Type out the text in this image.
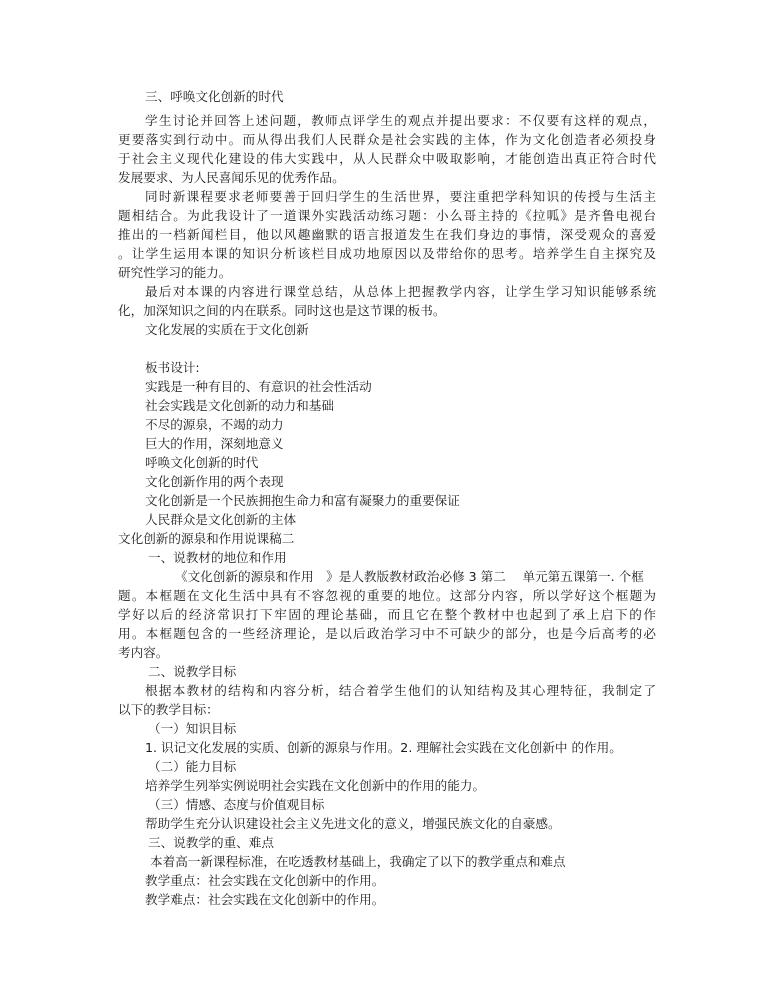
三、呼唤文化创新的时代
学生讨论并回答上述问题，教师点评学生的观点并提出要求：不仅要有这样的观点，
更要落实到行动中。而从得出我们人民群众是社会实践的主体，作为文化创造者必须投身
于社会主义现代化建设的伟大实践中，从人民群众中吸取影响，才能创造出真正符合时代
发展要求、为人民喜闻乐见的优秀作品。
同时新课程要求老师要善于回归学生的生活世界，要注重把学科知识的传授与生活主
题相结合。为此我设计了一道课外实践活动练习题：小么哥主持的《拉呱》是齐鲁电视台
推出的一档新闻栏目，他以风趣幽默的语言报道发生在我们身边的事情，深受观众的喜爱
。让学生运用本课的知识分析该栏目成功地原因以及带给你的思考。培养学生自主探究及
研究性学习的能力。
最后对本课的内容进行课堂总结，从总体上把握教学内容，让学生学习知识能够系统
化，加深知识之间的内在联系。同时这也是这节课的板书。
文化发展的实质在于文化创新
板书设计:
实践是一种有目的、有意识的社会性活动
社会实践是文化创新的动力和基础
不尽的源泉，不竭的动力
巨大的作用，深刻地意义
呼唤文化创新的时代
文化创新作用的两个表现
文化创新是一个民族拥抱生命力和富有凝聚力的重要保证
人民群众是文化创新的主体
文化创新的源泉和作用说课稿二
一、说教材的地位和作用
《文化创新的源泉和作用　》是人教版教材政治必修 3 第二　 单元第五课第一. 个框
题。本框题在文化生活中具有不容忽视的重要的地位。这部分内容，所以学好这个框题为
学好以后的经济常识打下牢固的理论基础，而且它在整个教材中也起到了承上启下的作
用。本框题包含的一些经济理论，是以后政治学习中不可缺少的部分，也是今后高考的必
考内容。
二、说教学目标
根据本教材的结构和内容分析，结合着学生他们的认知结构及其心理特征，我制定了
以下的教学目标：
（一）知识目标
1. 识记文化发展的实质、创新的源泉与作用。2. 理解社会实践在文化创新中 的作用。
（二）能力目标
培养学生列举实例说明社会实践在文化创新中的作用的能力。
（三）情感、态度与价值观目标
帮助学生充分认识建设社会主义先进文化的意义，增强民族文化的自豪感。
三、说教学的重、难点
本着高一新课程标准，在吃透教材基础上，我确定了以下的教学重点和难点
教学重点：社会实践在文化创新中的作用。
教学难点：社会实践在文化创新中的作用。
